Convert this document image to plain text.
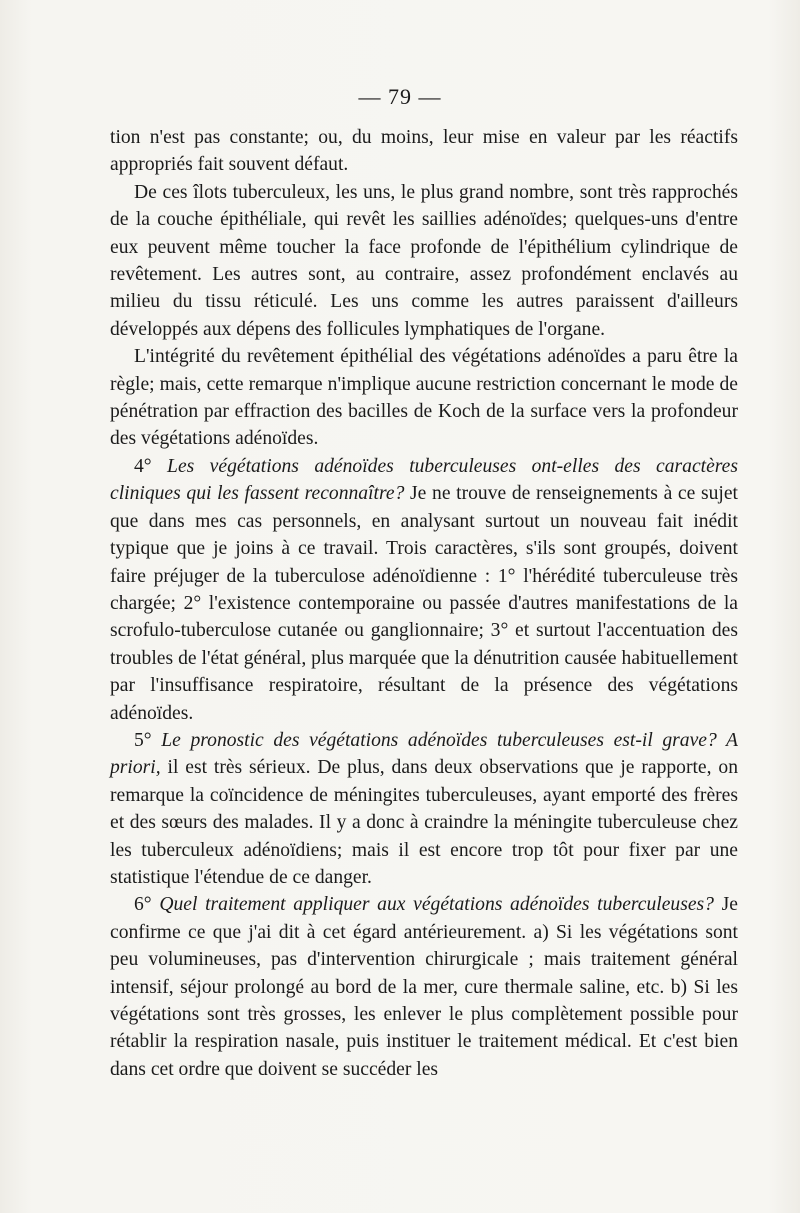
— 79 —

tion n'est pas constante; ou, du moins, leur mise en valeur par les réactifs appropriés fait souvent défaut.

De ces îlots tuberculeux, les uns, le plus grand nombre, sont très rapprochés de la couche épithéliale, qui revêt les saillies adénoïdes; quelques-uns d'entre eux peuvent même toucher la face profonde de l'épithélium cylindrique de revêtement. Les autres sont, au contraire, assez profondément enclavés au milieu du tissu réticulé. Les uns comme les autres paraissent d'ailleurs développés aux dépens des follicules lymphatiques de l'organe.

L'intégrité du revêtement épithélial des végétations adénoïdes a paru être la règle; mais, cette remarque n'implique aucune restriction concernant le mode de pénétration par effraction des bacilles de Koch de la surface vers la profondeur des végétations adénoïdes.

4° Les végétations adénoïdes tuberculeuses ont-elles des caractères cliniques qui les fassent reconnaître? Je ne trouve de renseignements à ce sujet que dans mes cas personnels, en analysant surtout un nouveau fait inédit typique que je joins à ce travail. Trois caractères, s'ils sont groupés, doivent faire préjuger de la tuberculose adénoïdienne : 1° l'hérédité tuberculeuse très chargée; 2° l'existence contemporaine ou passée d'autres manifestations de la scrofulo-tuberculose cutanée ou ganglionnaire; 3° et surtout l'accentuation des troubles de l'état général, plus marquée que la dénutrition causée habituellement par l'insuffisance respiratoire, résultant de la présence des végétations adénoïdes.

5° Le pronostic des végétations adénoïdes tuberculeuses est-il grave? A priori, il est très sérieux. De plus, dans deux observations que je rapporte, on remarque la coïncidence de méningites tuberculeuses, ayant emporté des frères et des sœurs des malades. Il y a donc à craindre la méningite tuberculeuse chez les tuberculeux adénoïdiens; mais il est encore trop tôt pour fixer par une statistique l'étendue de ce danger.

6° Quel traitement appliquer aux végétations adénoïdes tuberculeuses? Je confirme ce que j'ai dit à cet égard antérieurement. a) Si les végétations sont peu volumineuses, pas d'intervention chirurgicale ; mais traitement général intensif, séjour prolongé au bord de la mer, cure thermale saline, etc. b) Si les végétations sont très grosses, les enlever le plus complètement possible pour rétablir la respiration nasale, puis instituer le traitement médical. Et c'est bien dans cet ordre que doivent se succéder les
